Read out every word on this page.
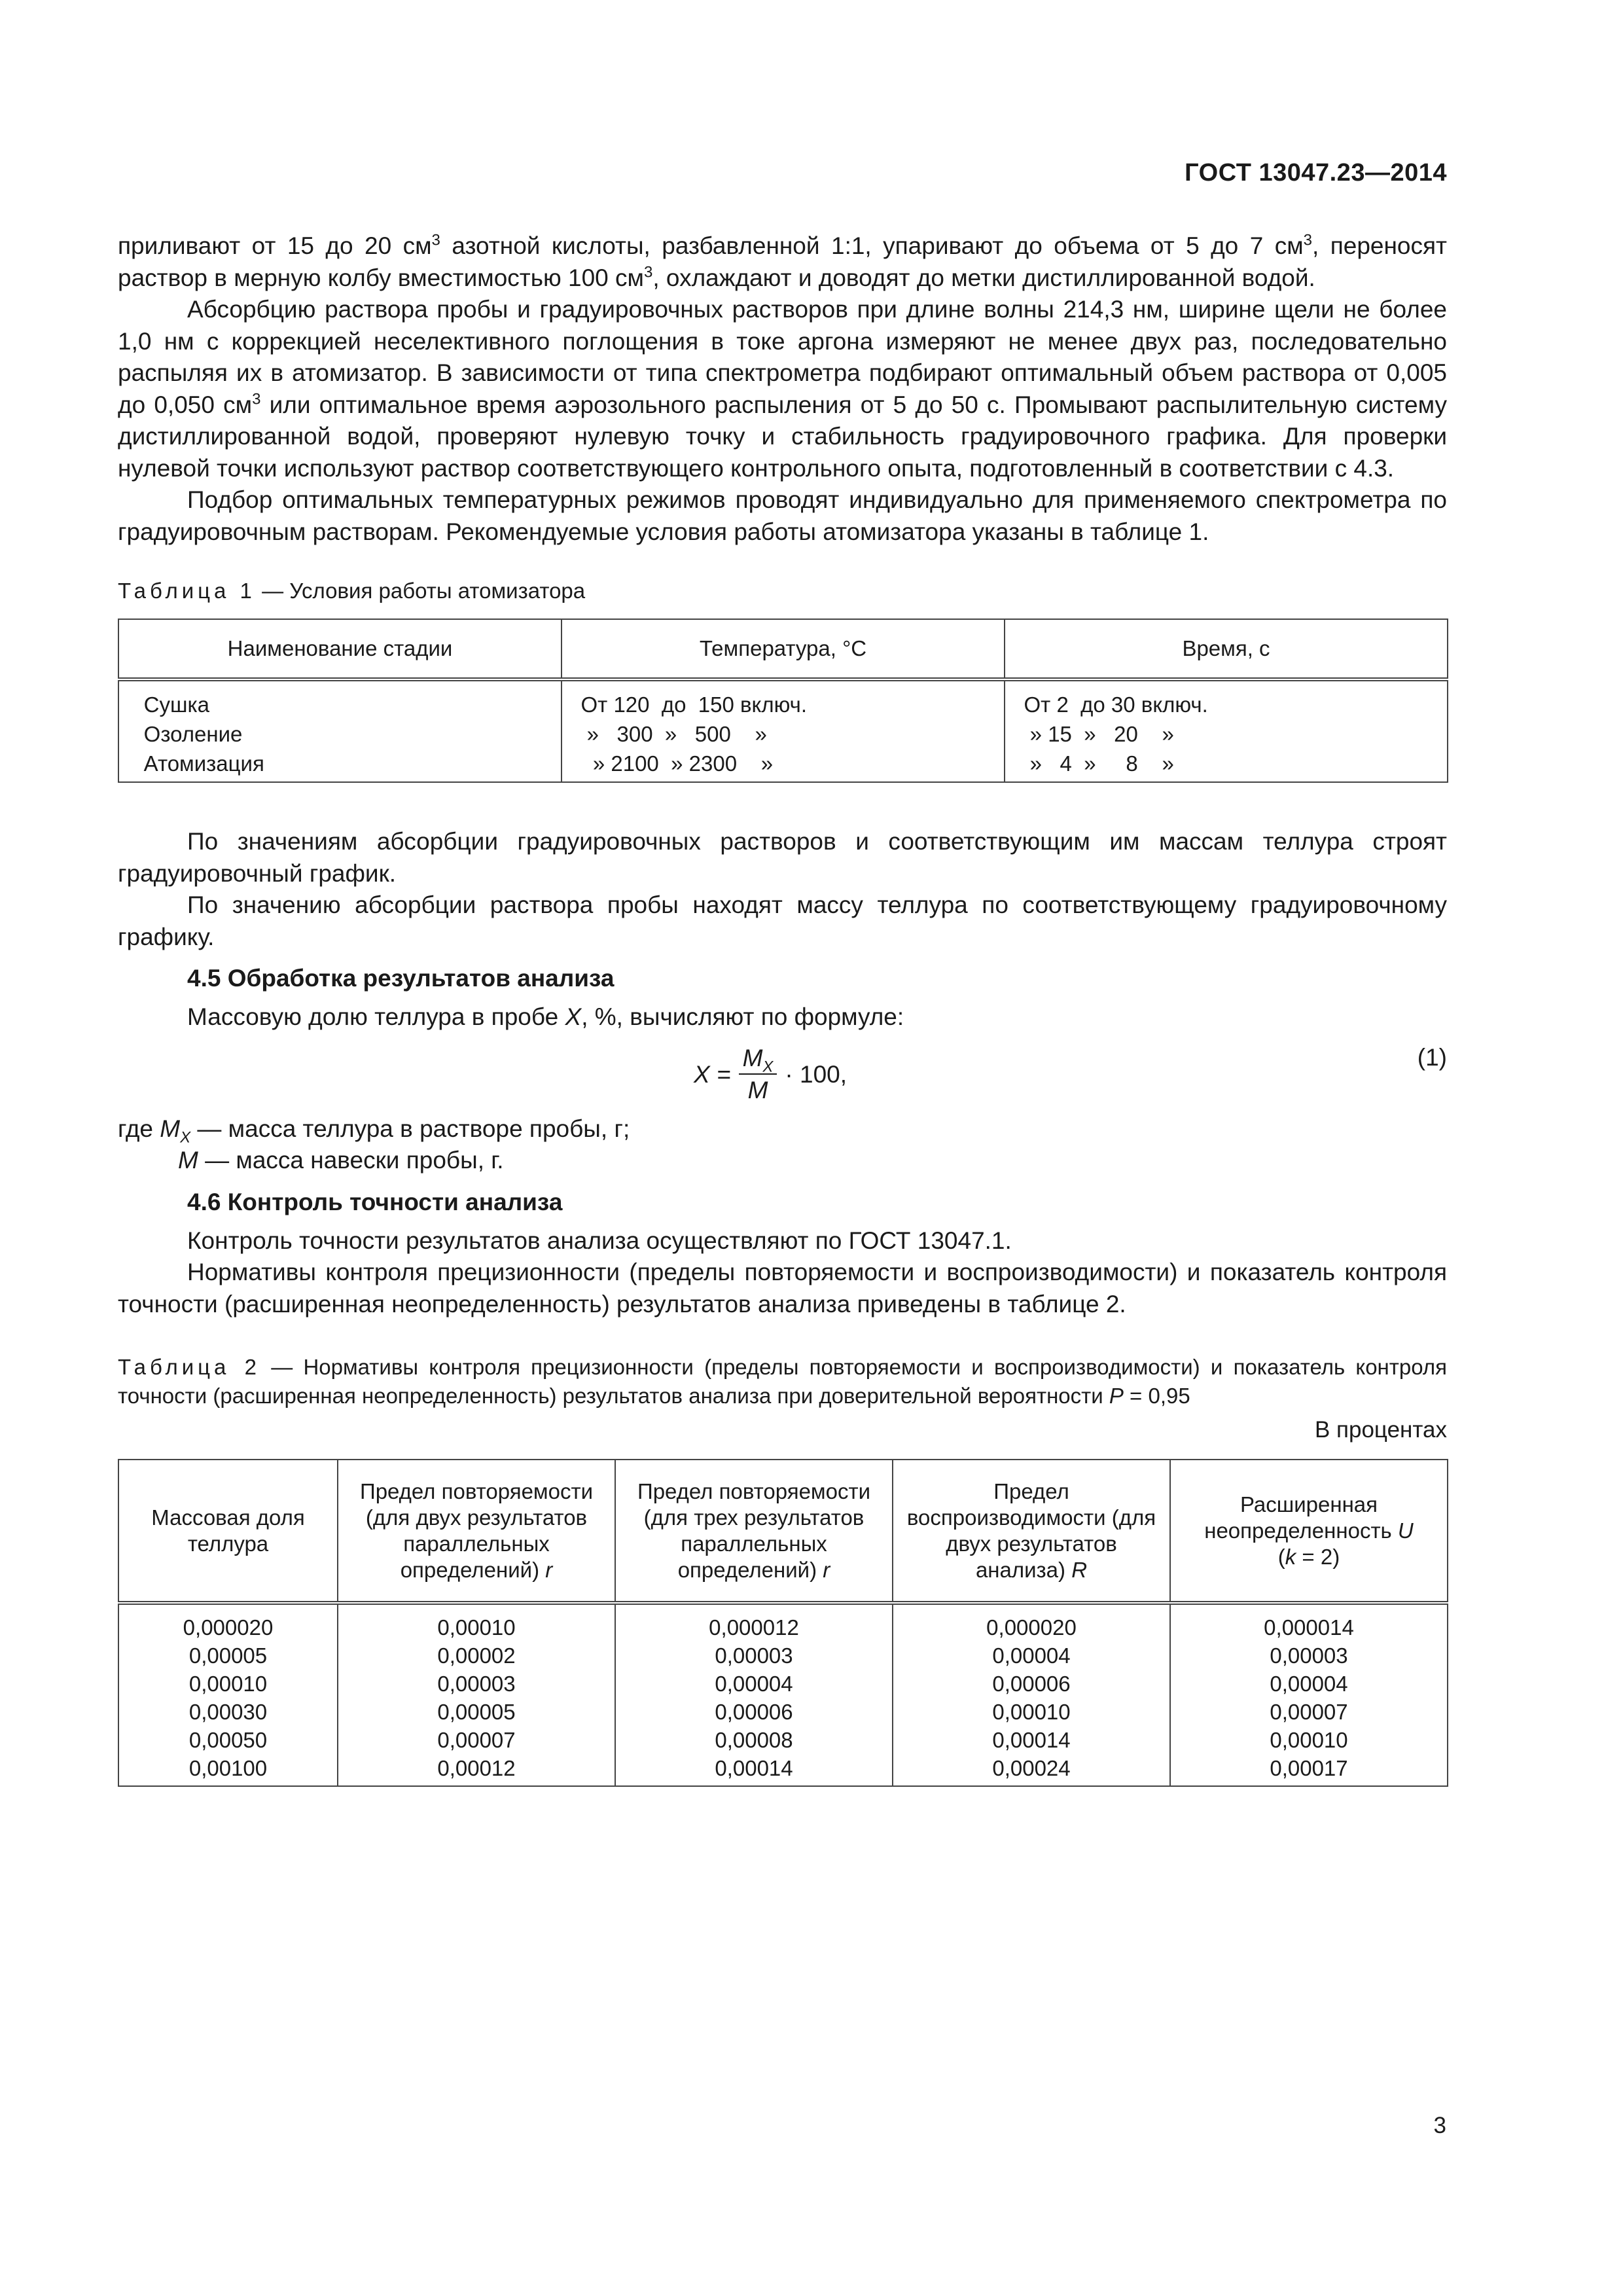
ГОСТ 13047.23—2014

приливают от 15 до 20 $см^3$ азотной кислоты, разбавленной 1:1, упаривают до объема от 5 до 7 $см^3$, переносят раствор в мерную колбу вместимостью 100 $см^3$, охлаждают и доводят до метки дистиллированной водой.

Абсорбцию раствора пробы и градуировочных растворов при длине волны 214,3 нм, ширине щели не более 1,0 нм с коррекцией неселективного поглощения в токе аргона измеряют не менее двух раз, последовательно распыляя их в атомизатор. В зависимости от типа спектрометра подбирают оптимальный объем раствора от 0,005 до 0,050 $см^3$ или оптимальное время аэрозольного распыления от 5 до 50 с. Промывают распылительную систему дистиллированной водой, проверяют нулевую точку и стабильность градуировочного графика. Для проверки нулевой точки используют раствор соответствующего контрольного опыта, подготовленный в соответствии с 4.3.

Подбор оптимальных температурных режимов проводят индивидуально для применяемого спектрометра по градуировочным растворам. Рекомендуемые условия работы атомизатора указаны в таблице 1.

Таблица 1 — Условия работы атомизатора

Наименование стадии	Температура, °С	Время, с
Сушка	От 120  до  150 включ.	От 2  до 30 включ.
Озоление	»   300  »   500    »	» 15  »   20    »
Атомизация	» 2100  » 2300    »	»   4  »     8    »

По значениям абсорбции градуировочных растворов и соответствующим им массам теллура строят градуировочный график.

По значению абсорбции раствора пробы находят массу теллура по соответствующему градуировочному графику.

4.5 Обработка результатов анализа

Массовую долю теллура в пробе X, %, вычисляют по формуле:

$X = \frac{M_X}{M} \cdot 100$,
(1)

где $M_X$ — масса теллура в растворе пробы, г;

M — масса навески пробы, г.

4.6 Контроль точности анализа

Контроль точности результатов анализа осуществляют по ГОСТ 13047.1.

Нормативы контроля прецизионности (пределы повторяемости и воспроизводимости) и показатель контроля точности (расширенная неопределенность) результатов анализа приведены в таблице 2.

Таблица 2 — Нормативы контроля прецизионности (пределы повторяемости и воспроизводимости) и показатель контроля точности (расширенная неопределенность) результатов анализа при доверительной вероятности P = 0,95

В процентах

Массовая доля теллура	Предел повторяемости (для двух результатов параллельных определений) r	Предел повторяемости (для трех результатов параллельных определений) r	Предел воспроизводимости (для двух результатов анализа) R	Расширенная неопределенность U
(k = 2)
0,000020	0,00010	0,000012	0,000020	0,000014
0,00005	0,00002	0,00003	0,00004	0,00003
0,00010	0,00003	0,00004	0,00006	0,00004
0,00030	0,00005	0,00006	0,00010	0,00007
0,00050	0,00007	0,00008	0,00014	0,00010
0,00100	0,00012	0,00014	0,00024	0,00017

3
